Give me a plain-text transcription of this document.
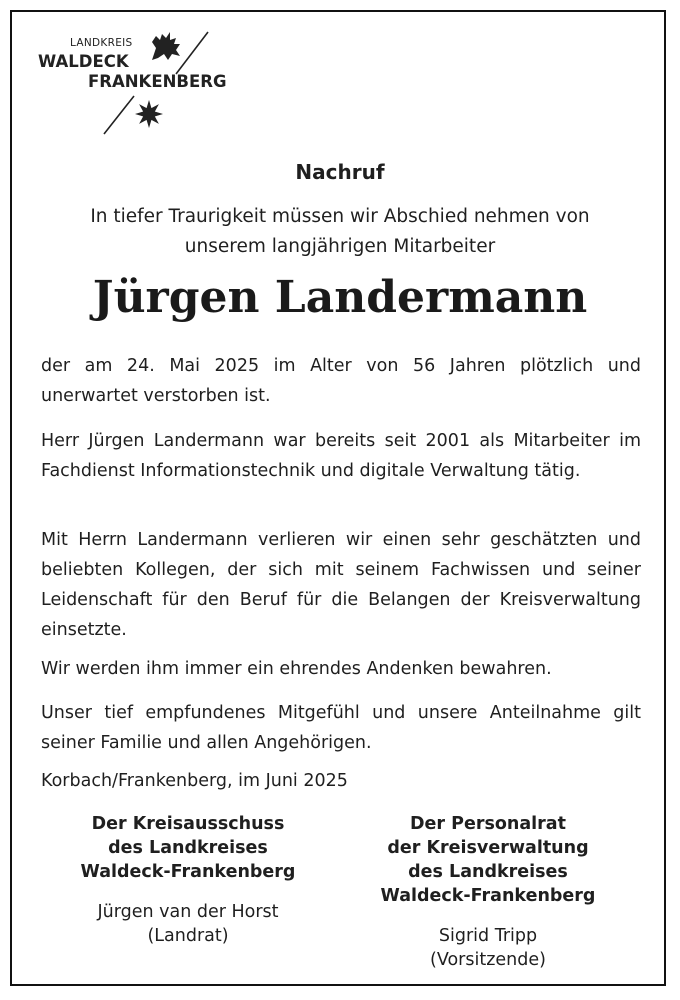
LANDKREIS
WALDECK
FRANKENBERG
Nachruf
In tiefer Traurigkeit müssen wir Abschied nehmen von
unserem langjährigen Mitarbeiter
Jürgen Landermann
der am 24. Mai 2025 im Alter von 56 Jahren plötzlich und unerwartet verstorben ist.
Herr Jürgen Landermann war bereits seit 2001 als Mitarbeiter im Fachdienst Informationstechnik und digitale Verwaltung tätig.
Mit Herrn Landermann verlieren wir einen sehr geschätzten und beliebten Kollegen, der sich mit seinem Fachwissen und seiner Leidenschaft für den Beruf für die Belangen der Kreisverwaltung einsetzte.
Wir werden ihm immer ein ehrendes Andenken bewahren.
Unser tief empfundenes Mitgefühl und unsere Anteilnahme gilt seiner Familie und allen Angehörigen.
Korbach/Frankenberg, im Juni 2025
Der Kreisausschuss
des Landkreises
Waldeck-Frankenberg
Jürgen van der Horst
(Landrat)
Der Personalrat
der Kreisverwaltung
des Landkreises
Waldeck-Frankenberg
Sigrid Tripp
(Vorsitzende)
